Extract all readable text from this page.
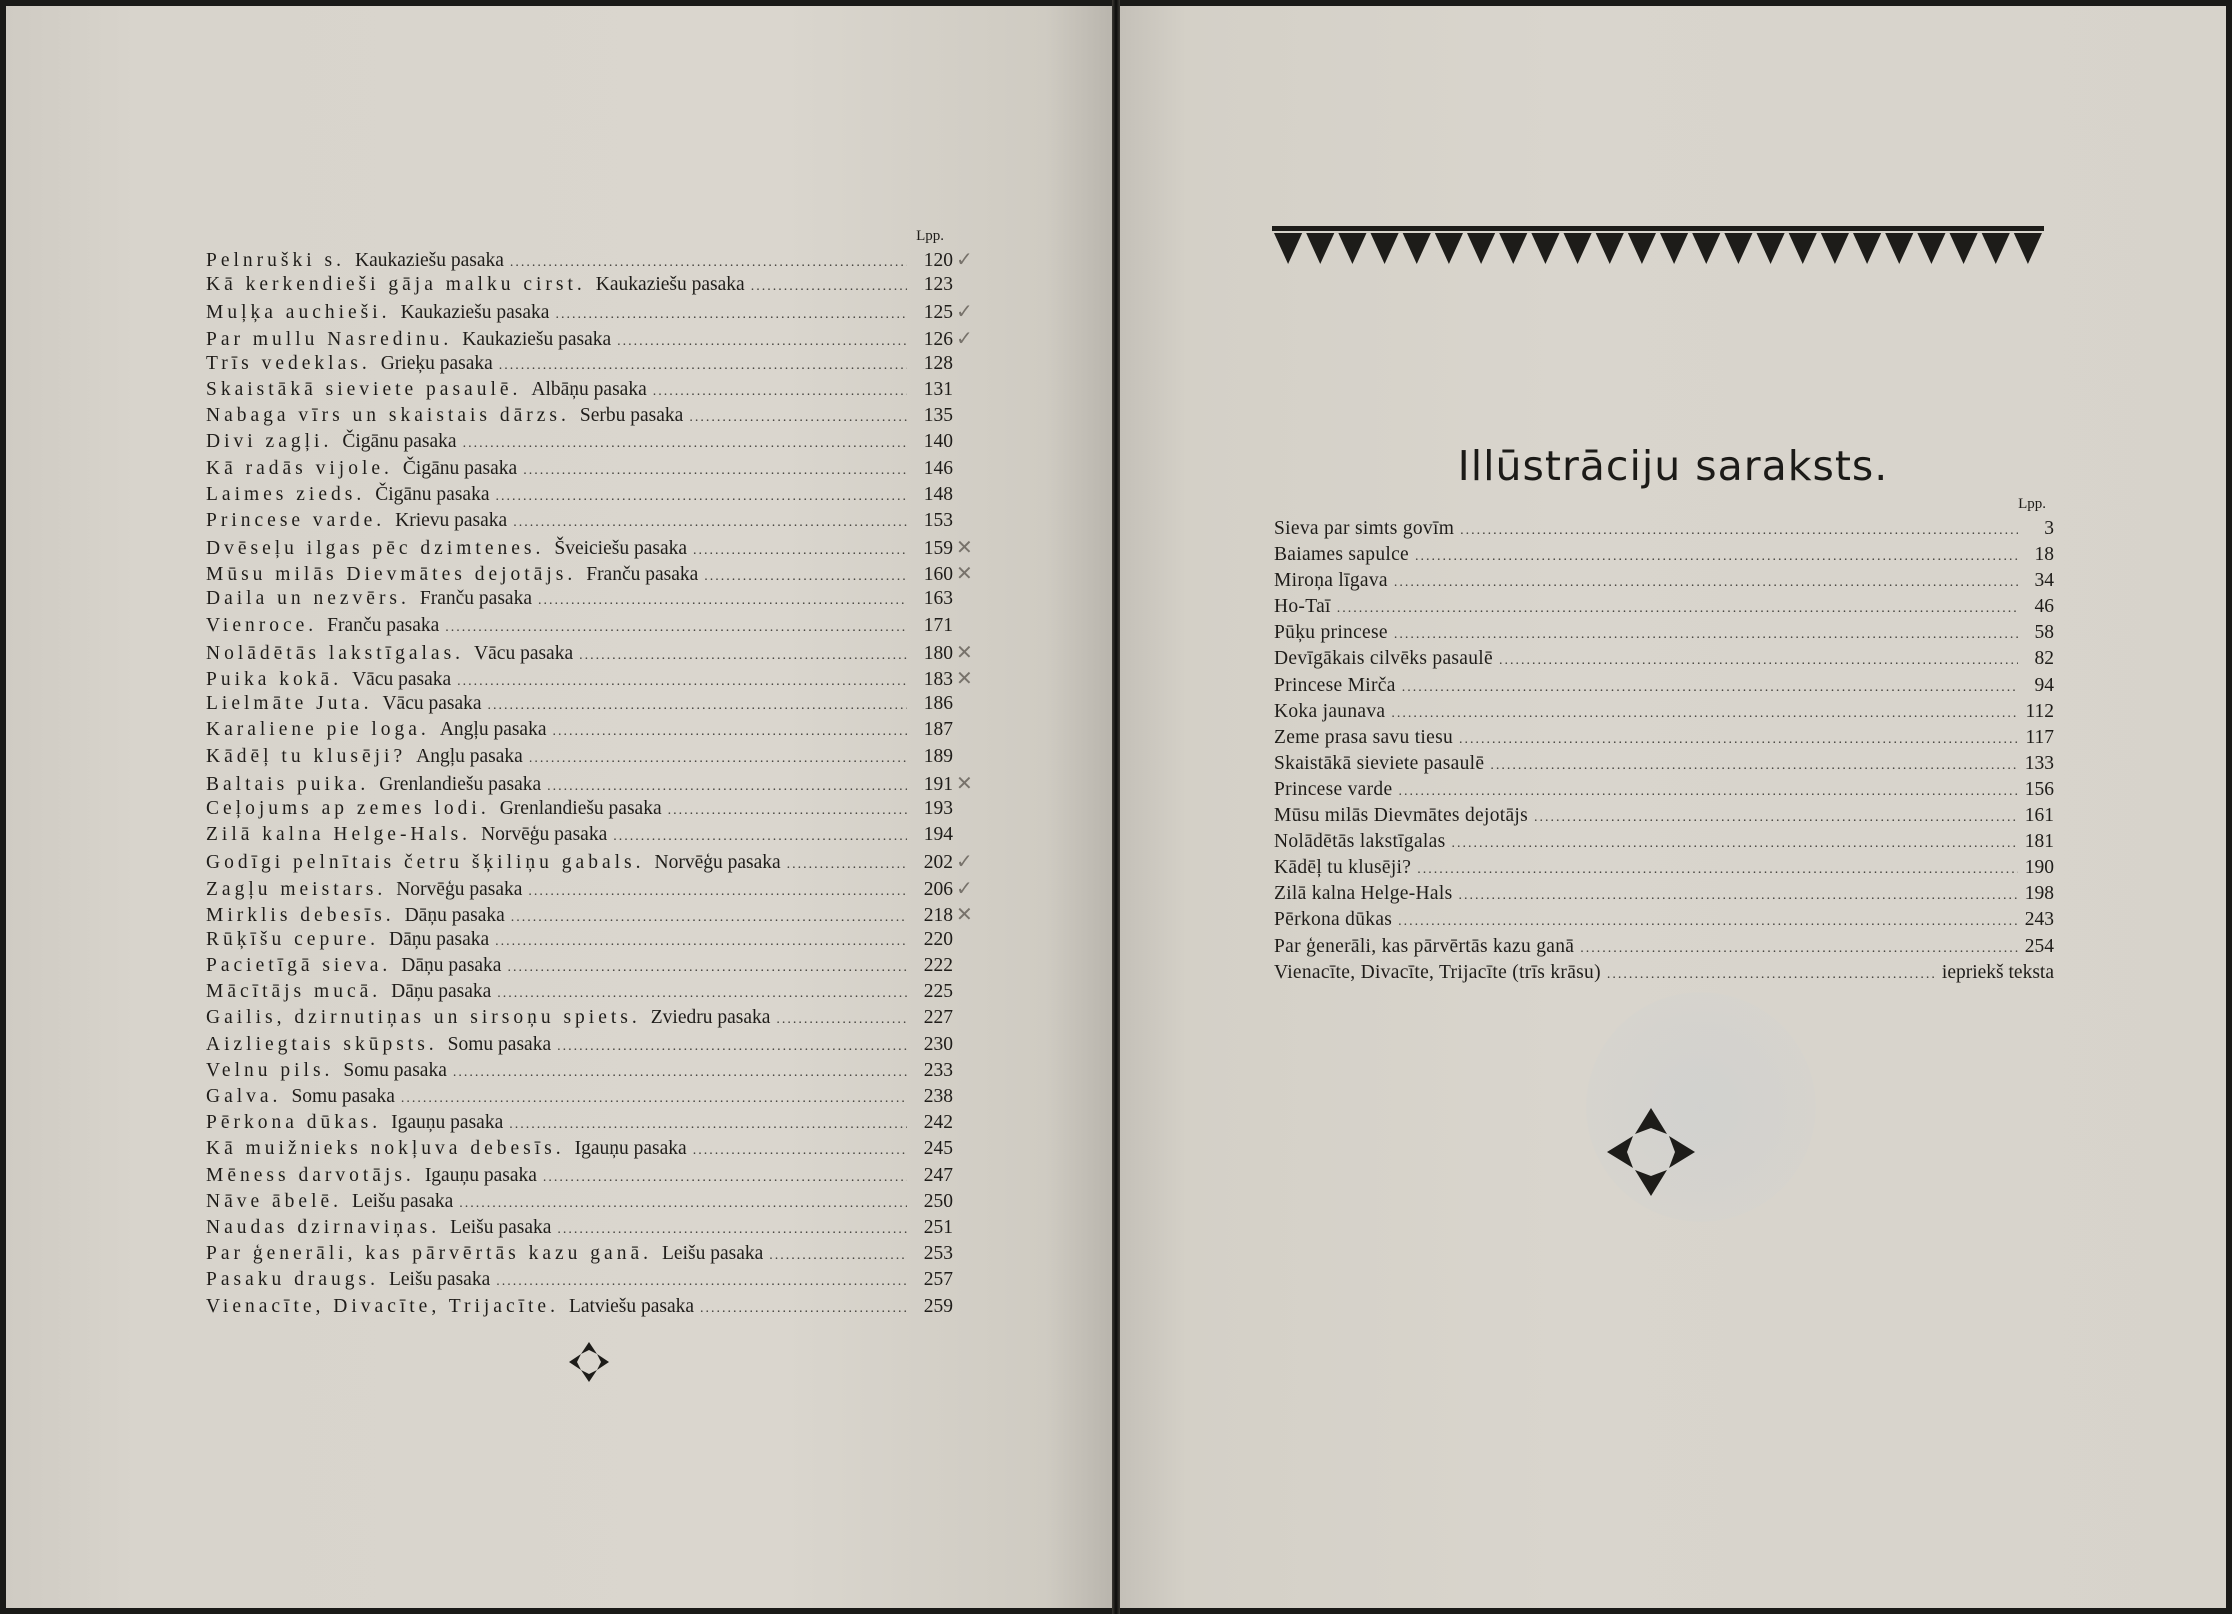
Lpp.
Pelnruški s. Kaukaziešu pasaka .....	120 ✓
Kā kerkendieši gāja malku cirst. Kaukaziešu pasaka .....	123
Muļķa auchieši. Kaukaziešu pasaka .....	125 ✓
Par mullu Nasredinu. Kaukaziešu pasaka .....	126 ✓
Trīs vedeklas. Grieķu pasaka .....	128
Skaistākā sieviete pasaulē. Albāņu pasaka .....	131
Nabaga vīrs un skaistais dārzs. Serbu pasaka .....	135
Divi zagļi. Čigānu pasaka .....	140
Kā radās vijole. Čigānu pasaka .....	146
Laimes zieds. Čigānu pasaka .....	148
Princese varde. Krievu pasaka .....	153
Dvēseļu ilgas pēc dzimtenes. Šveiciešu pasaka .....	159 ✕
Mūsu milās Dievmātes dejotājs. Franču pasaka .....	160 ✕
Daila un nezvērs. Franču pasaka .....	163
Vienroce. Franču pasaka .....	171
Nolādētās lakstīgalas. Vācu pasaka .....	180 ✕
Puika kokā. Vācu pasaka .....	183 ✕
Lielmāte Juta. Vācu pasaka .....	186
Karaliene pie loga. Angļu pasaka .....	187
Kādēļ tu klusēji? Angļu pasaka .....	189
Baltais puika. Grenlandiešu pasaka .....	191 ✕
Ceļojums ap zemes lodi. Grenlandiešu pasaka .....	193
Zilā kalna Helge-Hals. Norvēģu pasaka .....	194
Godīgi pelnītais četru šķiliņu gabals. Norvēģu pasaka .....	202 ✓
Zagļu meistars. Norvēģu pasaka .....	206 ✓
Mirklis debesīs. Dāņu pasaka .....	218 ✕
Rūķīšu cepure. Dāņu pasaka .....	220
Pacietīgā sieva. Dāņu pasaka .....	222
Mācītājs mucā. Dāņu pasaka .....	225
Gailis, dzirnutiņas un sirsoņu spiets. Zviedru pasaka .....	227
Aizliegtais skūpsts. Somu pasaka .....	230
Velnu pils. Somu pasaka .....	233
Galva. Somu pasaka .....	238
Pērkona dūkas. Igauņu pasaka .....	242
Kā muižnieks nokļuva debesīs. Igauņu pasaka .....	245
Mēness darvotājs. Igauņu pasaka .....	247
Nāve ābelē. Leišu pasaka .....	250
Naudas dzirnaviņas. Leišu pasaka .....	251
Par ģenerāli, kas pārvērtās kazu ganā. Leišu pasaka .....	253
Pasaku draugs. Leišu pasaka .....	257
Vienacīte, Divacīte, Trijacīte. Latviešu pasaka .....	259
Illūstrāciju saraksts.
Lpp.
Sieva par simts govīm .....	3
Baiames sapulce .....	18
Miroņa līgava .....	34
Ho-Taī .....	46
Pūķu princese .....	58
Devīgākais cilvēks pasaulē .....	82
Princese Mirča .....	94
Koka jaunava .....	112
Zeme prasa savu tiesu .....	117
Skaistākā sieviete pasaulē .....	133
Princese varde .....	156
Mūsu milās Dievmātes dejotājs .....	161
Nolādētās lakstīgalas .....	181
Kādēļ tu klusēji? .....	190
Zilā kalna Helge-Hals .....	198
Pērkona dūkas .....	243
Par ģenerāli, kas pārvērtās kazu ganā .....	254
Vienacīte, Divacīte, Trijacīte (trīs krāsu) .....	iepriekš teksta
